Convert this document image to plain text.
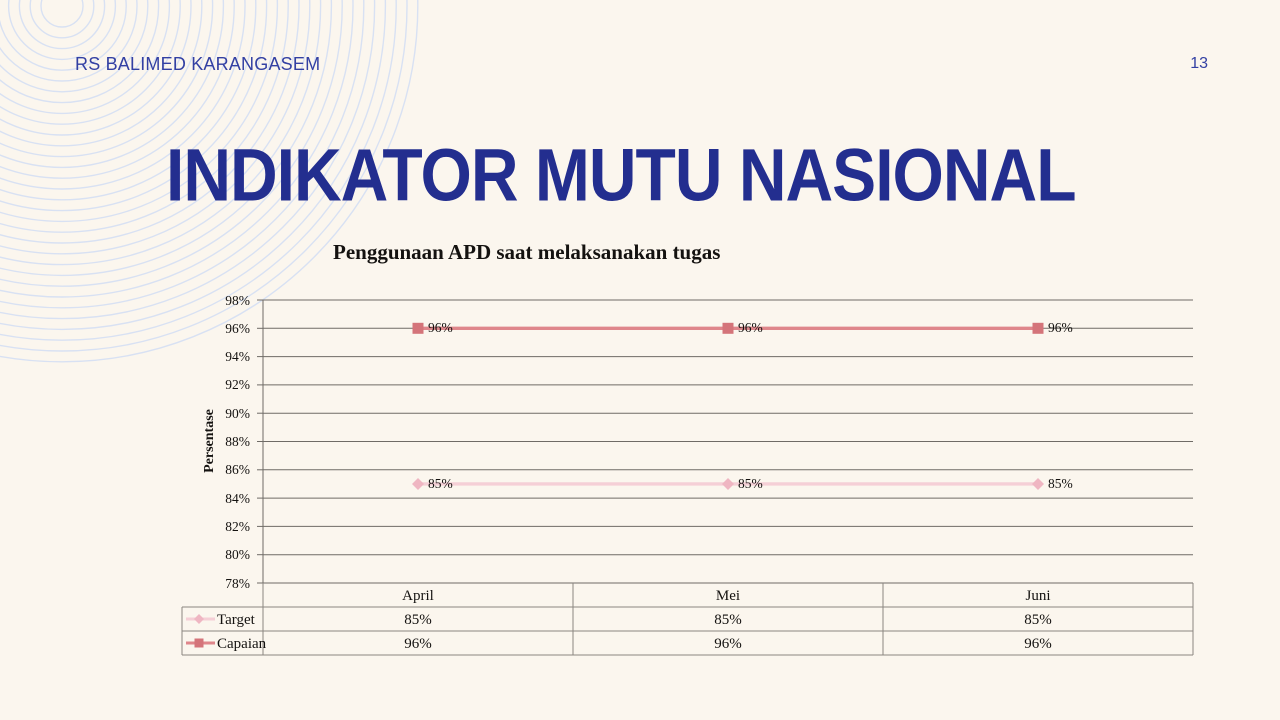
RS BALIMED KARANGASEM	13
INDIKATOR MUTU NASIONAL
Penggunaan APD saat melaksanakan tugas
Persentase
98%
96%
94%
92%
90%
88%
86%
84%
82%
80%
78%
85%	85%	85%
96%	96%	96%
April	Mei	Juni
Target	85%	85%	85%
Capaian	96%	96%	96%
